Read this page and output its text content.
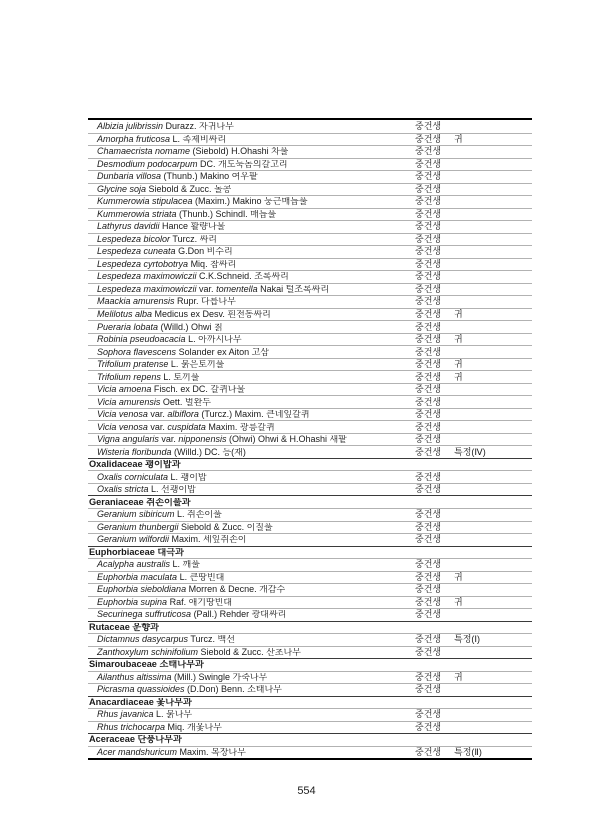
Albizia julibrissin Durazz. 자귀나무	중건생
Amorpha fruticosa L. 족제비싸리	중건생 귀
Chamaecrista nomame (Siebold) H.Ohashi 차풀	중건생
Desmodium podocarpum DC. 개도둑놈의갈고리	중건생
Dunbaria villosa (Thunb.) Makino 여우팥	중건생
Glycine soja Siebold & Zucc. 돌콩	중건생
Kummerowia stipulacea (Maxim.) Makino 둥근매듭풀	중건생
Kummerowia striata (Thunb.) Schindl. 매듭풀	중건생
Lathyrus davidii Hance 활량나물	중건생
Lespedeza bicolor Turcz. 싸리	중건생
Lespedeza cuneata G.Don 비수리	중건생
Lespedeza cyrtobotrya Miq. 참싸리	중건생
Lespedeza maximowiczii C.K.Schneid. 조록싸리	중건생
Lespedeza maximowiczii var. tomentella Nakai 털조록싸리	중건생
Maackia amurensis Rupr. 다릅나무	중건생
Melilotus alba Medicus ex Desv. 흰전동싸리	중건생 귀
Pueraria lobata (Willd.) Ohwi 칡	중건생
Robinia pseudoacacia L. 아까시나무	중건생 귀
Sophora flavescens Solander ex Aiton 고삼	중건생
Trifolium pratense L. 붉은토끼풀	중건생 귀
Trifolium repens L. 토끼풀	중건생 귀
Vicia amoena Fisch. ex DC. 갈퀴나물	중건생
Vicia amurensis Oett. 벌완두	중건생
Vicia venosa var. albiflora (Turcz.) Maxim. 큰네잎갈퀴	중건생
Vicia venosa var. cuspidata Maxim. 광릉갈퀴	중건생
Vigna angularis var. nipponensis (Ohwi) Ohwi & H.Ohashi 새팥	중건생
Wisteria floribunda (Willd.) DC. 등(재)	중건생 특정(Ⅳ)
Oxalidaceae 괭이밥과
Oxalis corniculata L. 괭이밥	중건생
Oxalis stricta L. 선괭이밥	중건생
Geraniaceae 쥐손이풀과
Geranium sibiricum L. 쥐손이풀	중건생
Geranium thunbergii Siebold & Zucc. 이질풀	중건생
Geranium wilfordii Maxim. 세잎쥐손이	중건생
Euphorbiaceae 대극과
Acalypha australis L. 깨풀	중건생
Euphorbia maculata L. 큰땅빈대	중건생 귀
Euphorbia sieboldiana Morren & Decne. 개감수	중건생
Euphorbia supina Raf. 애기땅빈대	중건생 귀
Securinega suffruticosa (Pall.) Rehder 광대싸리	중건생
Rutaceae 운향과
Dictamnus dasycarpus Turcz. 백선	중건생 특정(Ⅰ)
Zanthoxylum schinifolium Siebold & Zucc. 산초나무	중건생
Simaroubaceae 소태나무과
Ailanthus altissima (Mill.) Swingle 가죽나무	중건생 귀
Picrasma quassioides (D.Don) Benn. 소태나무	중건생
Anacardiaceae 옻나무과
Rhus javanica L. 붉나무	중건생
Rhus trichocarpa Miq. 개옻나무	중건생
Aceraceae 단풍나무과
Acer mandshuricum Maxim. 복장나무	중건생 특정(Ⅱ)
554
